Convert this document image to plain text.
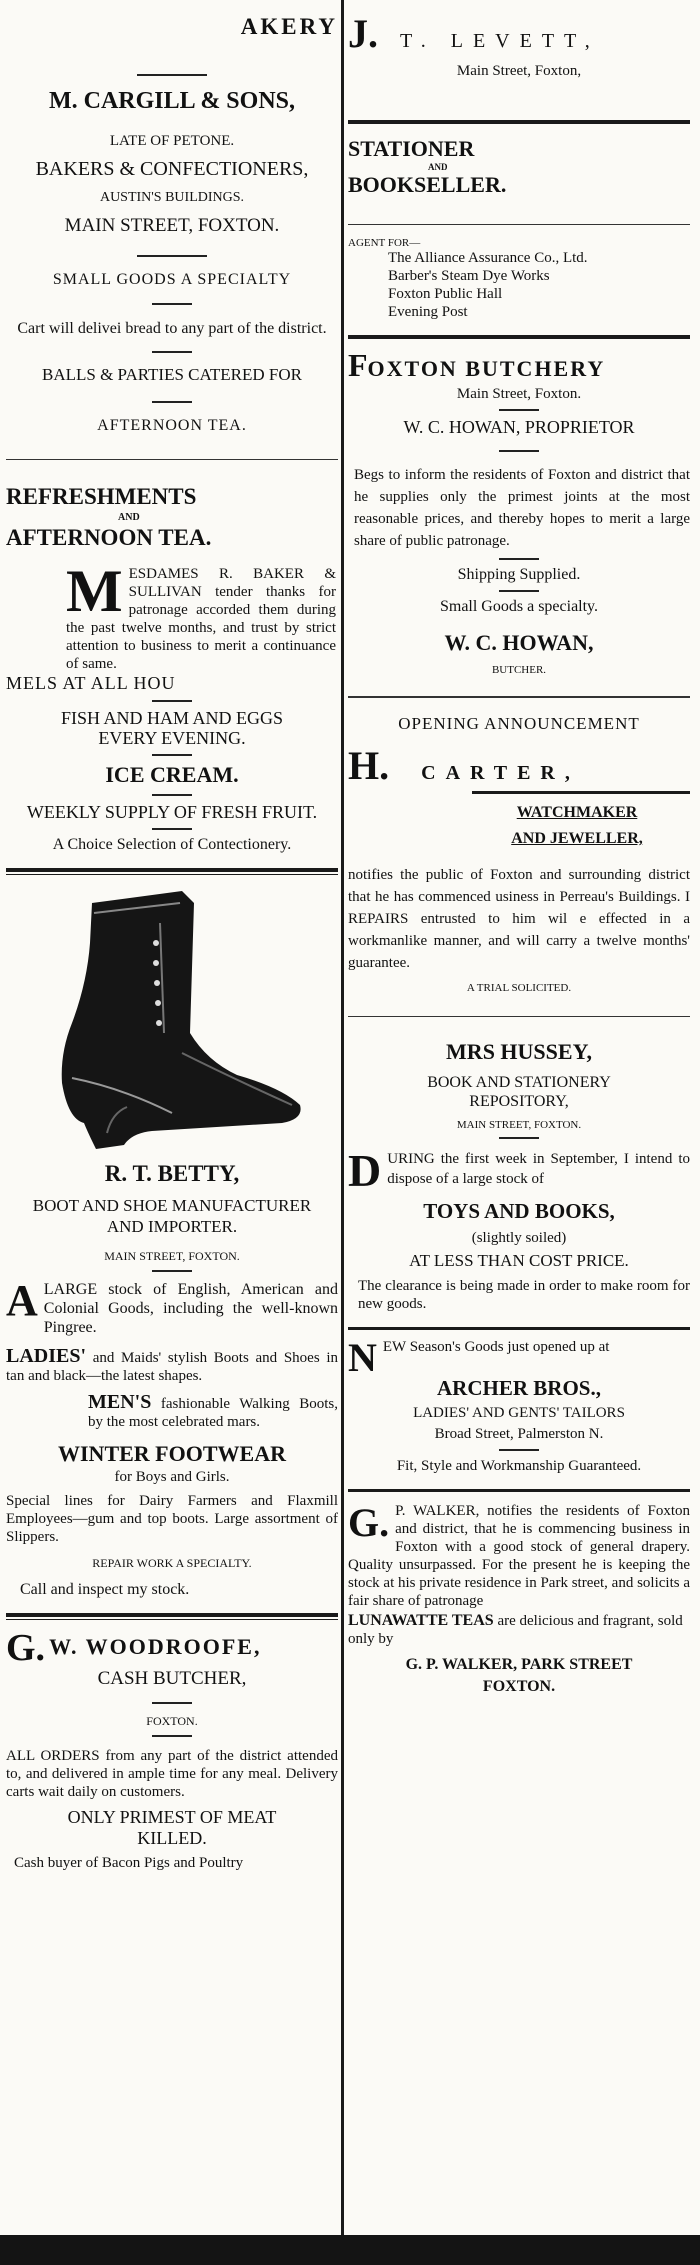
AKERY
M. CARGILL & SONS,
LATE OF PETONE.
BAKERS & CONFECTIONERS,
AUSTIN'S BUILDINGS.
MAIN STREET, FOXTON.
SMALL GOODS A SPECIALTY
Cart will delivei bread to any part of the district.
BALLS & PARTIES CATERED FOR
AFTERNOON TEA.
REFRESHMENTS
AND
AFTERNOON TEA.
M ESDAMES R. BAKER & SULLIVAN tender thanks for patronage accorded them during the past twelve months, and trust by strict attention to business to merit a continuance of same.
MELS AT ALL HOU
FISH AND HAM AND EGGS EVERY EVENING.
ICE CREAM.
WEEKLY SUPPLY OF FRESH FRUIT.
A Choice Selection of Contectionery.
R. T. BETTY,
BOOT AND SHOE MANUFACTURER AND IMPORTER.
MAIN STREET, FOXTON.
A LARGE stock of English, American and Colonial Goods, including the well-known Pingree.
LADIES' and Maids' stylish Boots and Shoes in tan and black—the latest shapes.
MEN'S fashionable Walking Boots, by the most celebrated mars.
WINTER FOOTWEAR
for Boys and Girls.
Special lines for Dairy Farmers and Flaxmill Employees—gum and top boots. Large assortment of Slippers.
REPAIR WORK A SPECIALTY.
Call and inspect my stock.
G. W. WOODROOFE,
CASH BUTCHER,
FOXTON.
ALL ORDERS from any part of the district attended to, and delivered in ample time for any meal. Delivery carts wait daily on customers.
ONLY PRIMEST OF MEAT KILLED.
Cash buyer of Bacon Pigs and Poultry
J. T. LEVETT,
Main Street, Foxton,
STATIONER
AND
BOOKSELLER.
AGENT FOR—
The Alliance Assurance Co., Ltd.
Barber's Steam Dye Works
Foxton Public Hall
Evening Post
FOXTON BUTCHERY
Main Street, Foxton.
W. C. HOWAN, PROPRIETOR
Begs to inform the residents of Foxton and district that he supplies only the primest joints at the most reasonable prices, and thereby hopes to merit a large share of public patronage.
Shipping Supplied.
Small Goods a specialty.
W. C. HOWAN,
BUTCHER.
OPENING ANNOUNCEMENT
H. CARTER,
WATCHMAKER
AND JEWELLER,
notifies the public of Foxton and surrounding district that he has commenced usiness in Perreau's Buildings. I REPAIRS entrusted to him wil e effected in a workmanlike manner, and will carry a twelve months' guarantee.
A TRIAL SOLICITED.
MRS HUSSEY,
BOOK AND STATIONERY REPOSITORY,
MAIN STREET, FOXTON.
D URING the first week in September, I intend to dispose of a large stock of
TOYS AND BOOKS,
(slightly soiled)
AT LESS THAN COST PRICE.
The clearance is being made in order to make room for new goods.
N EW Season's Goods just opened up at
ARCHER BROS.,
LADIES' AND GENTS' TAILORS
Broad Street, Palmerston N.
Fit, Style and Workmanship Guaranteed.
G. P. WALKER, notifies the residents of Foxton and district, that he is commencing business in Foxton with a good stock of general drapery. Quality unsurpassed. For the present he is keeping the stock at his private residence in Park street, and solicits a fair share of patronage
LUNAWATTE TEAS are delicious and fragrant, sold only by
G. P. WALKER, PARK STREET
FOXTON.
